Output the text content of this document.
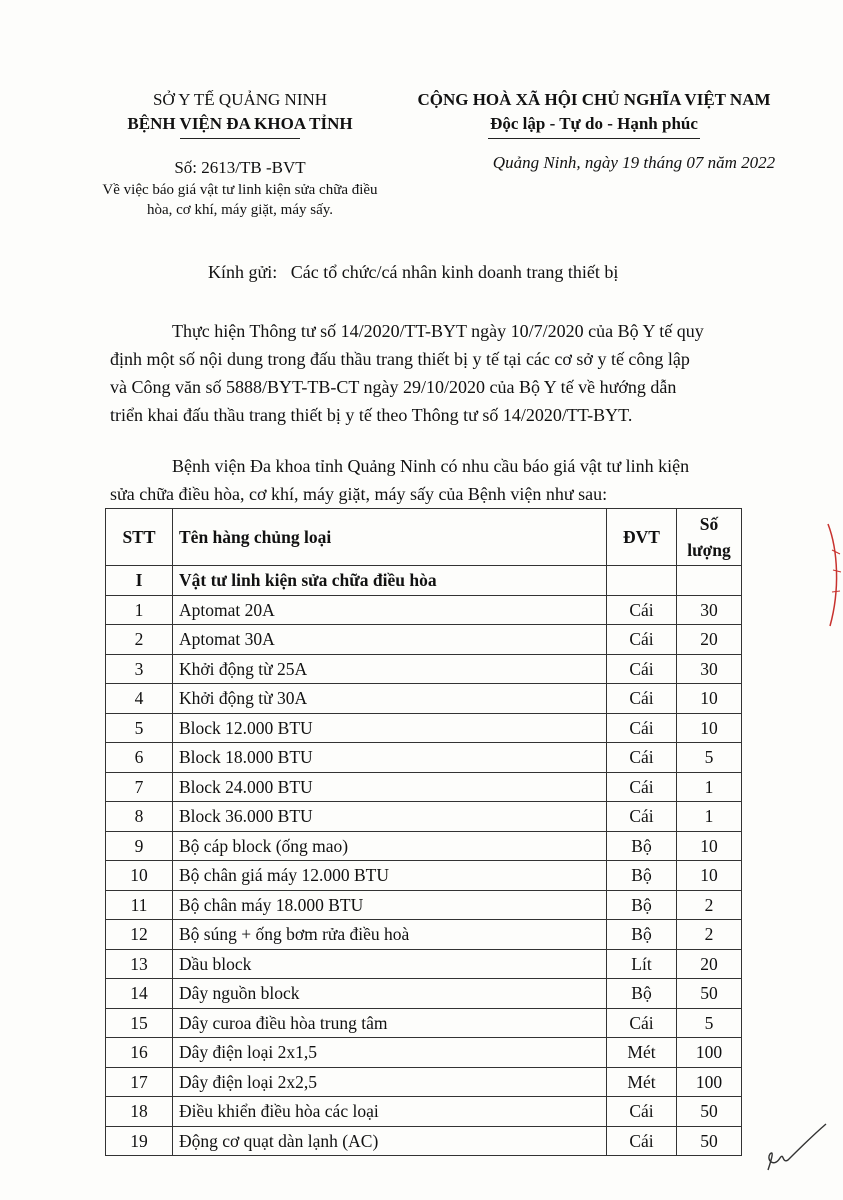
SỞ Y TẾ QUẢNG NINH
BỆNH VIỆN ĐA KHOA TỈNH
Số: 2613/TB -BVT
Về việc báo giá vật tư linh kiện sửa chữa điều
hòa, cơ khí, máy giặt, máy sấy.
CỘNG HOÀ XÃ HỘI CHỦ NGHĨA VIỆT NAM
Độc lập - Tự do - Hạnh phúc
Quảng Ninh, ngày 19 tháng 07 năm 2022
Kính gửi:   Các tổ chức/cá nhân kinh doanh trang thiết bị
Thực hiện Thông tư số 14/2020/TT-BYT ngày 10/7/2020 của Bộ Y tế quy
định một số nội dung trong đấu thầu trang thiết bị y tế tại các cơ sở y tế công lập
và Công văn số 5888/BYT-TB-CT ngày 29/10/2020 của Bộ Y tế về hướng dẫn
triển khai đấu thầu trang thiết bị y tế theo Thông tư số 14/2020/TT-BYT.
Bệnh viện Đa khoa tỉnh Quảng Ninh có nhu cầu báo giá vật tư linh kiện
sửa chữa điều hòa, cơ khí, máy giặt, máy sấy của Bệnh viện như sau:
STT	Tên hàng chủng loại	ĐVT	Số
lượng

I	Vật tư linh kiện sửa chữa điều hòa		
1	Aptomat 20A	Cái	30
2	Aptomat 30A	Cái	20
3	Khởi động từ 25A	Cái	30
4	Khởi động từ 30A	Cái	10
5	Block 12.000 BTU	Cái	10
6	Block 18.000 BTU	Cái	5
7	Block 24.000 BTU	Cái	1
8	Block 36.000 BTU	Cái	1
9	Bộ cáp block (ống mao)	Bộ	10
10	Bộ chân giá máy 12.000 BTU	Bộ	10
11	Bộ chân máy 18.000 BTU	Bộ	2
12	Bộ súng + ống bơm rửa điều hoà	Bộ	2
13	Dầu block	Lít	20
14	Dây nguồn block	Bộ	50
15	Dây curoa điều hòa trung tâm	Cái	5
16	Dây điện loại 2x1,5	Mét	100
17	Dây điện loại 2x2,5	Mét	100
18	Điều khiển điều hòa các loại	Cái	50
19	Động cơ quạt dàn lạnh (AC)	Cái	50
